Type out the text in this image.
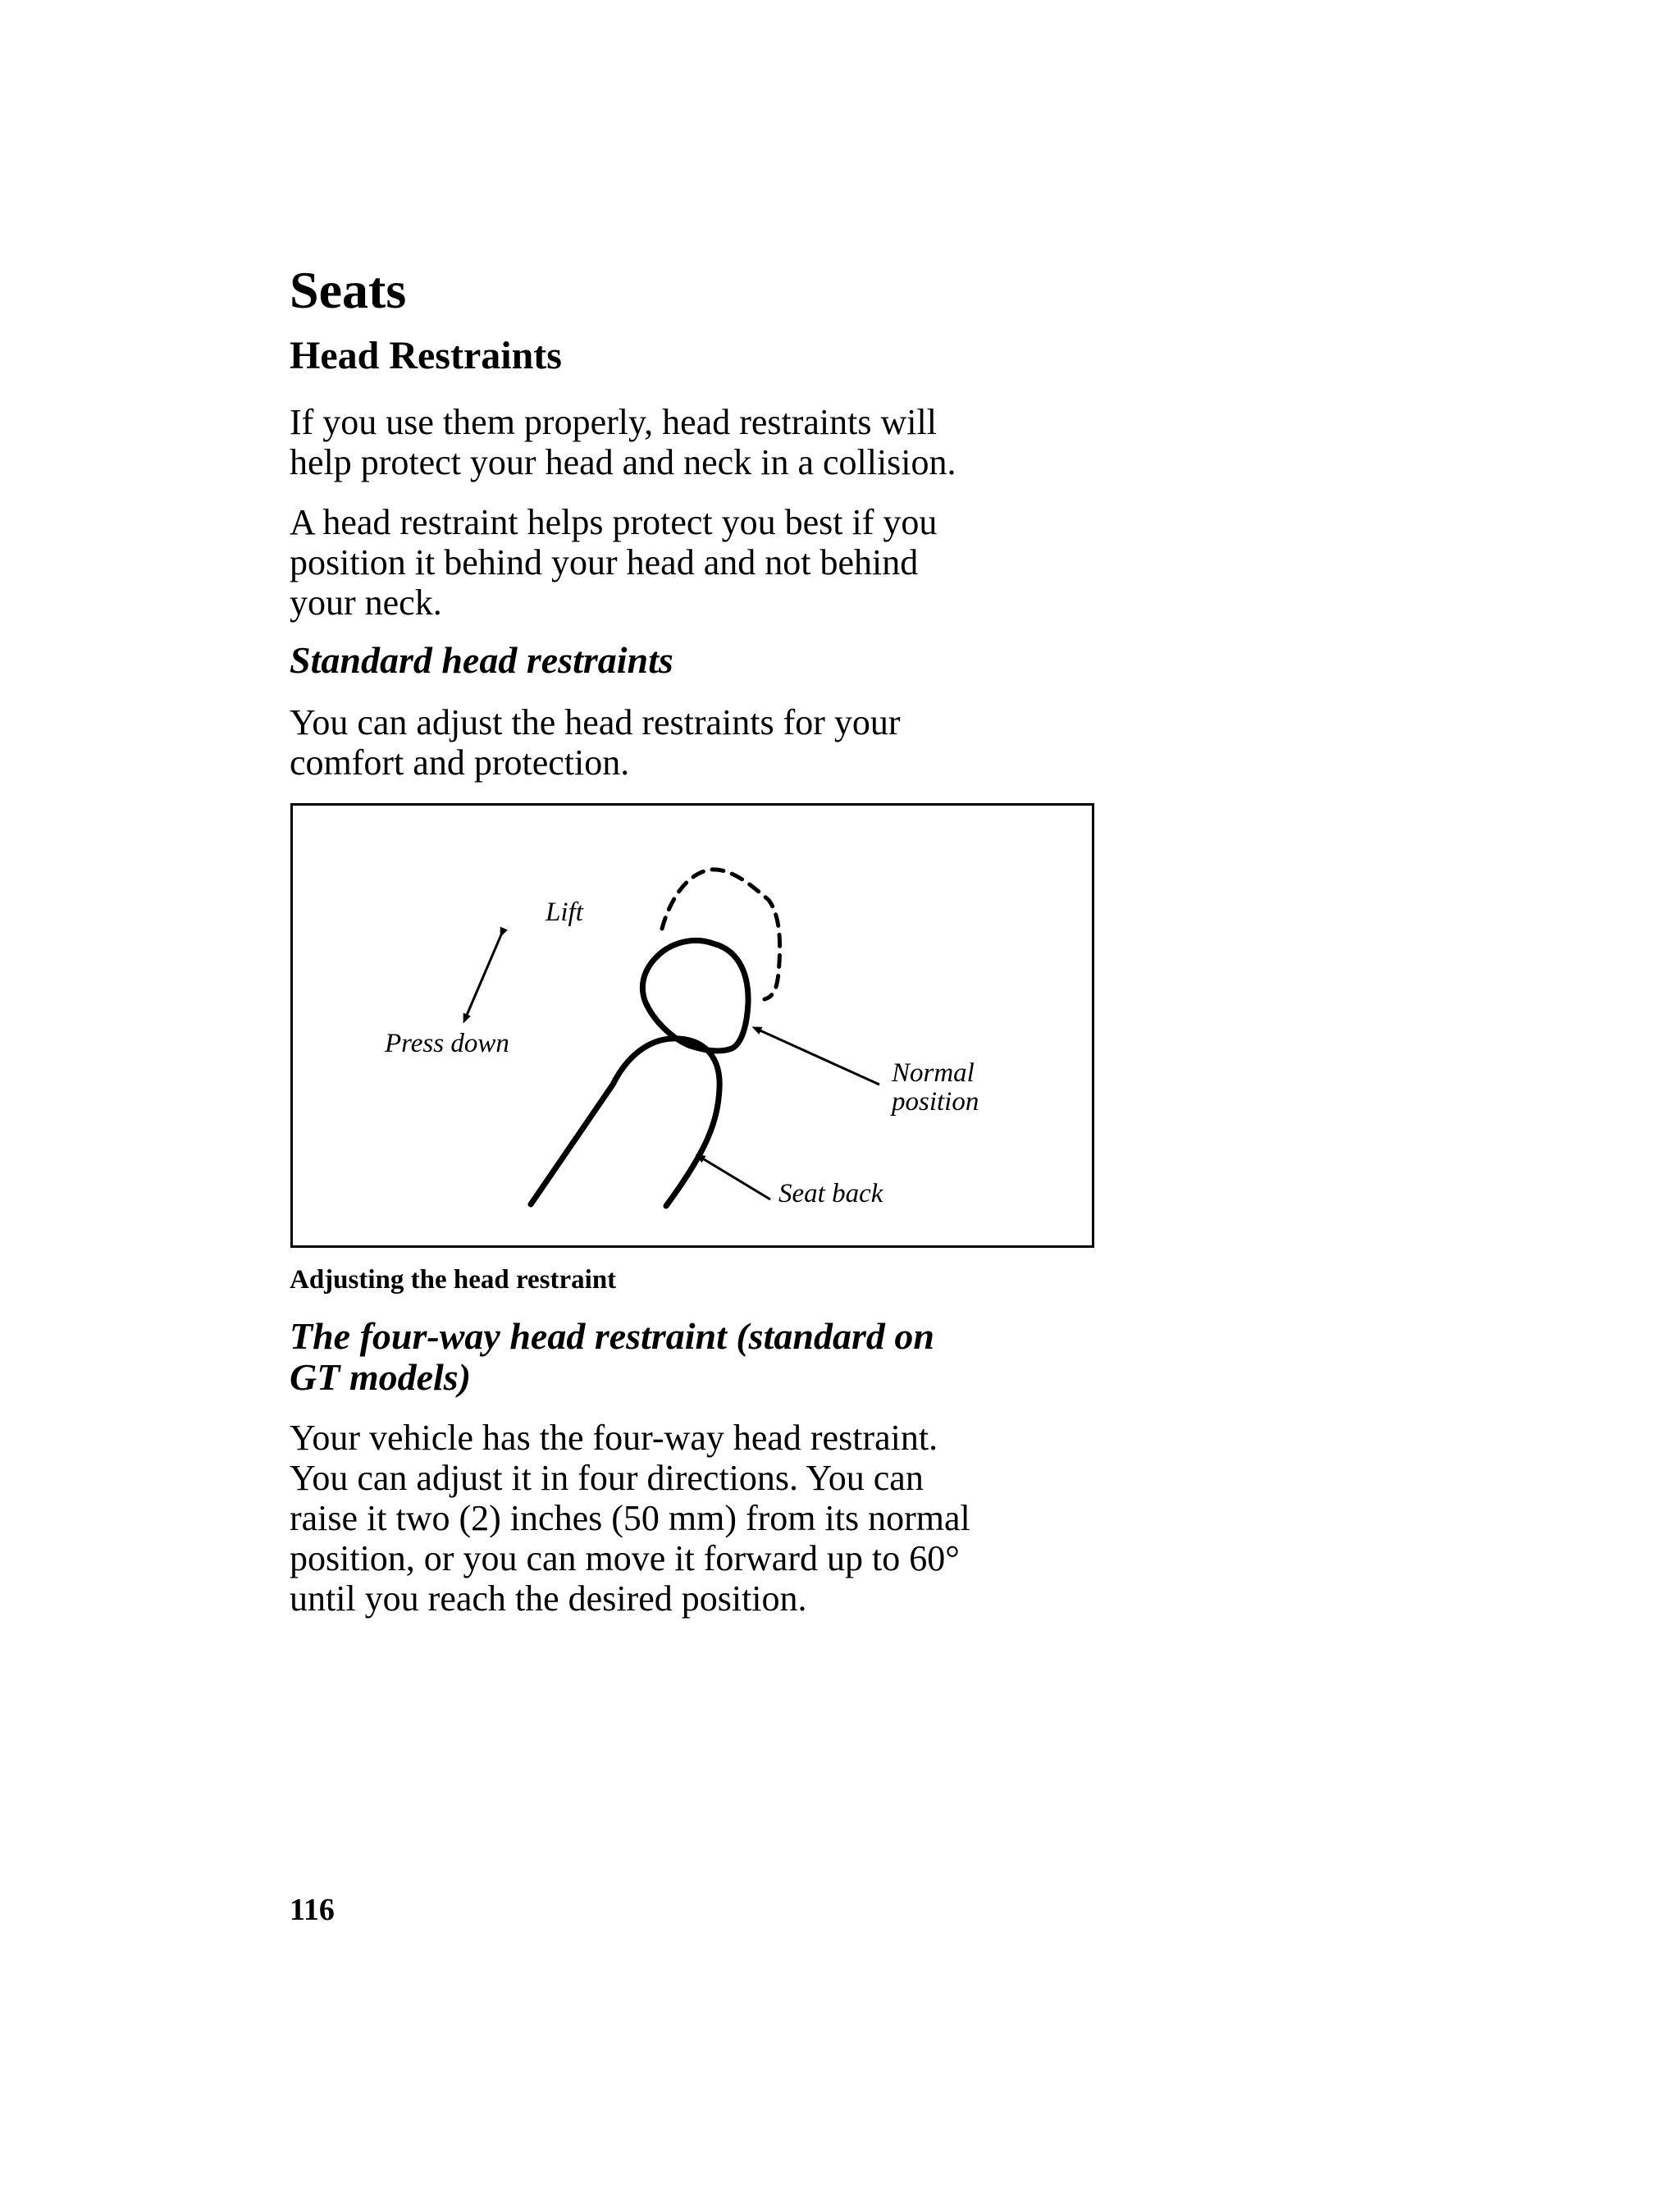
Seats
Head Restraints

If you use them properly, head restraints will
help protect your head and neck in a collision.

A head restraint helps protect you best if you
position it behind your head and not behind
your neck.

Standard head restraints

You can adjust the head restraints for your
comfort and protection.

Lift
Press down
Normal
position
Seat back
Adjusting the head restraint
The four-way head restraint (standard on
GT models)

Your vehicle has the four-way head restraint.
You can adjust it in four directions. You can
raise it two (2) inches (50 mm) from its normal
position, or you can move it forward up to 60°
until you reach the desired position.

116
